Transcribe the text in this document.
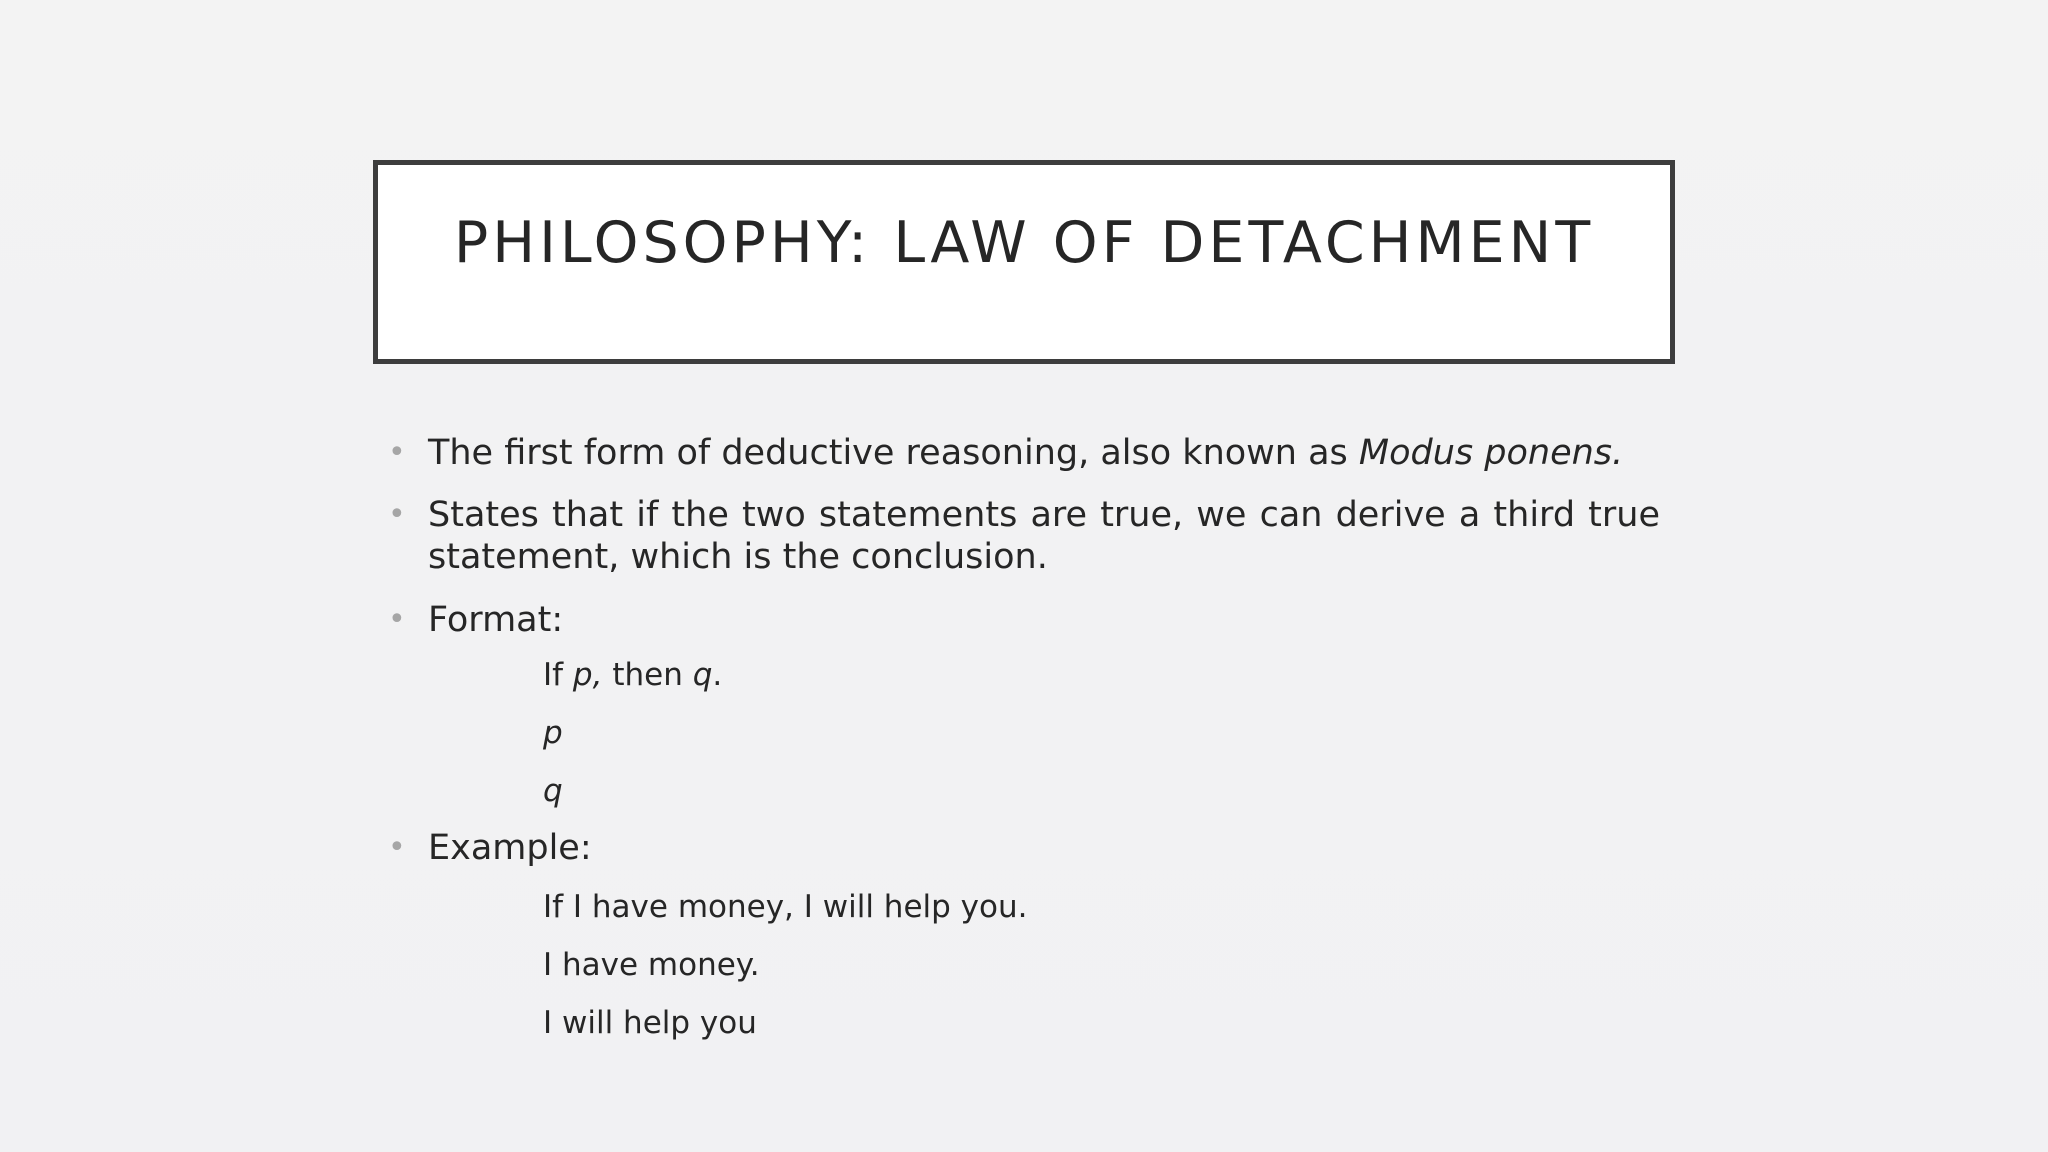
PHILOSOPHY: LAW OF DETACHMENT
• The first form of deductive reasoning, also known as Modus ponens.
• States that if the two statements are true, we can derive a third true
statement, which is the conclusion.
• Format:
If p, then q.
p
q
• Example:
If I have money, I will help you.
I have money.
I will help you
